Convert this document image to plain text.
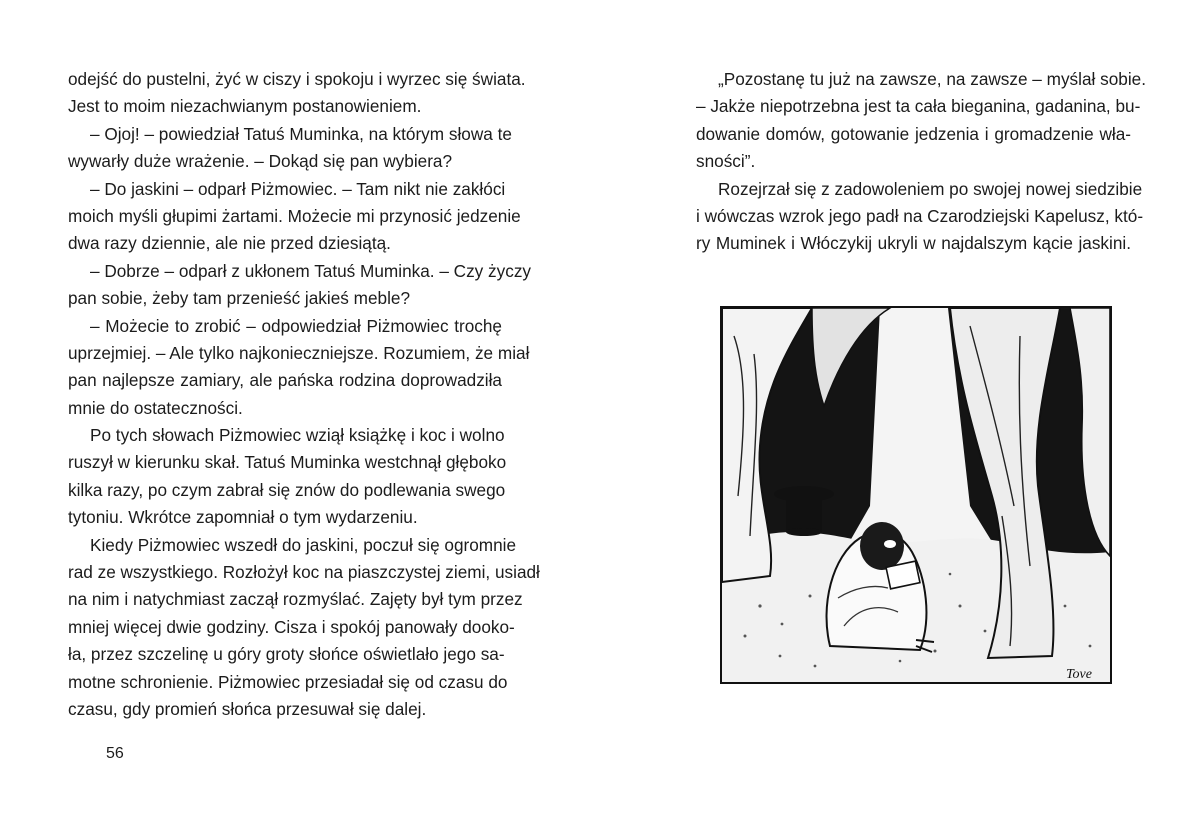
odejść do pustelni, żyć w ciszy i spokoju i wyrzec się świata.
Jest to moim niezachwianym postanowieniem.
– Ojoj! – powiedział Tatuś Muminka, na którym słowa te
wywarły duże wrażenie. – Dokąd się pan wybiera?
– Do jaskini – odparł Piżmowiec. – Tam nikt nie zakłóci
moich myśli głupimi żartami. Możecie mi przynosić jedzenie
dwa razy dziennie, ale nie przed dziesiątą.
– Dobrze – odparł z ukłonem Tatuś Muminka. – Czy życzy
pan sobie, żeby tam przenieść jakieś meble?
– Możecie to zrobić – odpowiedział Piżmowiec trochę
uprzejmiej. – Ale tylko najkonieczniejsze. Rozumiem, że miał
pan najlepsze zamiary, ale pańska rodzina doprowadziła
mnie do ostateczności.
Po tych słowach Piżmowiec wziął książkę i koc i wolno
ruszył w kierunku skał. Tatuś Muminka westchnął głęboko
kilka razy, po czym zabrał się znów do podlewania swego
tytoniu. Wkrótce zapomniał o tym wydarzeniu.
Kiedy Piżmowiec wszedł do jaskini, poczuł się ogromnie
rad ze wszystkiego. Rozłożył koc na piaszczystej ziemi, usiadł
na nim i natychmiast zaczął rozmyślać. Zajęty był tym przez
mniej więcej dwie godziny. Cisza i spokój panowały dooko-
ła, przez szczelinę u góry groty słońce oświetlało jego sa-
motne schronienie. Piżmowiec przesiadał się od czasu do
czasu, gdy promień słońca przesuwał się dalej.
56
„Pozostanę tu już na zawsze, na zawsze – myślał sobie.
– Jakże niepotrzebna jest ta cała bieganina, gadanina, bu-
dowanie domów, gotowanie jedzenia i gromadzenie wła-
sności”.
Rozejrzał się z zadowoleniem po swojej nowej siedzibie
i wówczas wzrok jego padł na Czarodziejski Kapelusz, któ-
ry Muminek i Włóczykij ukryli w najdalszym kącie jaskini.
Tove
